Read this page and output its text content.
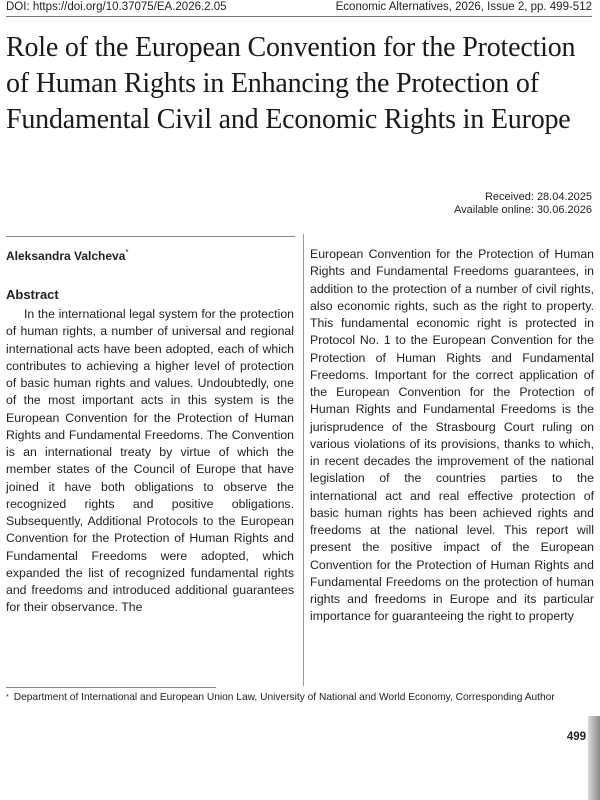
DOI: https://doi.org/10.37075/EA.2026.2.05	Economic Alternatives, 2026, Issue 2, pp. 499-512
Role of the European Convention for the Protection of Human Rights in Enhancing the Protection of Fundamental Civil and Economic Rights in Europe
Received: 28.04.2025
Available online: 30.06.2026
Aleksandra Valcheva*
Abstract

In the international legal system for the protection of human rights, a number of universal and regional international acts have been adopted, each of which contributes to achieving a higher level of protection of basic human rights and values. Undoubtedly, one of the most important acts in this system is the European Convention for the Protection of Human Rights and Fundamental Freedoms. The Convention is an international treaty by virtue of which the member states of the Council of Europe that have joined it have both obligations to observe the recognized rights and positive obligations. Subsequently, Additional Protocols to the European Convention for the Protection of Human Rights and Fundamental Freedoms were adopted, which expanded the list of recognized fundamental rights and freedoms and introduced additional guarantees for their observance. The

European Convention for the Protection of Human Rights and Fundamental Freedoms guarantees, in addition to the protection of a number of civil rights, also economic rights, such as the right to property. This fundamental economic right is protected in Protocol No. 1 to the European Convention for the Protection of Human Rights and Fundamental Freedoms. Important for the correct application of the European Convention for the Protection of Human Rights and Fundamental Freedoms is the jurisprudence of the Strasbourg Court ruling on various violations of its provisions, thanks to which, in recent decades the improvement of the national legislation of the countries parties to the international act and real effective protection of basic human rights has been achieved rights and freedoms at the national level. This report will present the positive impact of the European Convention for the Protection of Human Rights and Fundamental Freedoms on the protection of human rights and freedoms in Europe and its particular importance for guaranteeing the right to property

* Department of International and European Union Law, University of National and World Economy, Corresponding Author
499
